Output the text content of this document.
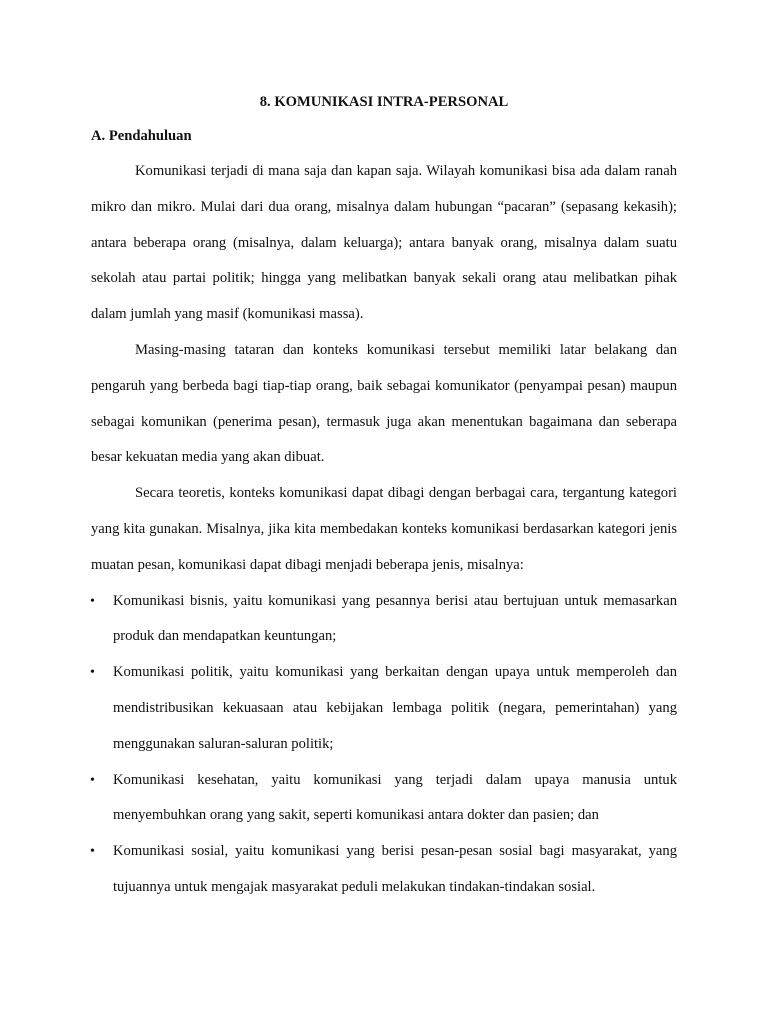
8. KOMUNIKASI INTRA-PERSONAL
A. Pendahuluan

Komunikasi terjadi di mana saja dan kapan saja. Wilayah komunikasi bisa ada dalam ranah mikro dan mikro. Mulai dari dua orang, misalnya dalam hubungan “pacaran” (sepasang kekasih); antara beberapa orang (misalnya, dalam keluarga); antara banyak orang, misalnya dalam suatu sekolah atau partai politik; hingga yang melibatkan banyak sekali orang atau melibatkan pihak dalam jumlah yang masif (komunikasi massa).

Masing-masing tataran dan konteks komunikasi tersebut memiliki latar belakang dan pengaruh yang berbeda bagi tiap-tiap orang, baik sebagai komunikator (penyampai pesan) maupun sebagai komunikan (penerima pesan), termasuk juga akan menentukan bagaimana dan seberapa besar kekuatan media yang akan dibuat.

Secara teoretis, konteks komunikasi dapat dibagi dengan berbagai cara, tergantung kategori yang kita gunakan. Misalnya, jika kita membedakan konteks komunikasi berdasarkan kategori jenis muatan pesan, komunikasi dapat dibagi menjadi beberapa jenis, misalnya:

• Komunikasi bisnis, yaitu komunikasi yang pesannya berisi atau bertujuan untuk memasarkan produk dan mendapatkan keuntungan;
• Komunikasi politik, yaitu komunikasi yang berkaitan dengan upaya untuk memperoleh dan mendistribusikan kekuasaan atau kebijakan lembaga politik (negara, pemerintahan) yang menggunakan saluran-saluran politik;
• Komunikasi kesehatan, yaitu komunikasi yang terjadi dalam upaya manusia untuk menyembuhkan orang yang sakit, seperti komunikasi antara dokter dan pasien; dan
• Komunikasi sosial, yaitu komunikasi yang berisi pesan-pesan sosial bagi masyarakat, yang tujuannya untuk mengajak masyarakat peduli melakukan tindakan-tindakan sosial.
